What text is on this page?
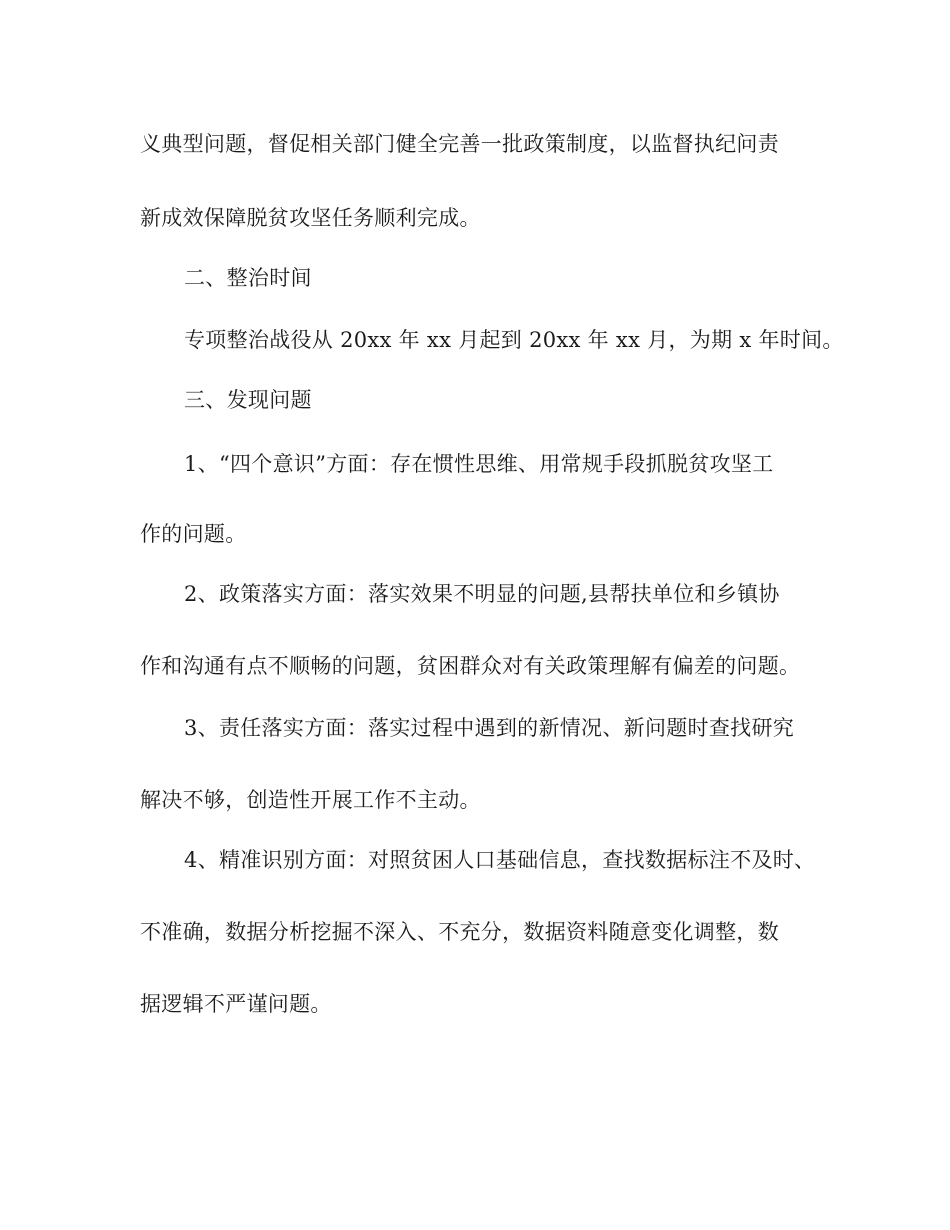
义典型问题，督促相关部门健全完善一批政策制度，以监督执纪问责

新成效保障脱贫攻坚任务顺利完成。

二、整治时间

专项整治战役从 20xx 年 xx 月起到 20xx 年 xx 月，为期 x 年时间。

三、发现问题

1、“四个意识”方面：存在惯性思维、用常规手段抓脱贫攻坚工

作的问题。

2、政策落实方面：落实效果不明显的问题,县帮扶单位和乡镇协

作和沟通有点不顺畅的问题，贫困群众对有关政策理解有偏差的问题。

3、责任落实方面：落实过程中遇到的新情况、新问题时查找研究

解决不够，创造性开展工作不主动。

4、精准识别方面：对照贫困人口基础信息，查找数据标注不及时、

不准确，数据分析挖掘不深入、不充分，数据资料随意变化调整，数

据逻辑不严谨问题。
